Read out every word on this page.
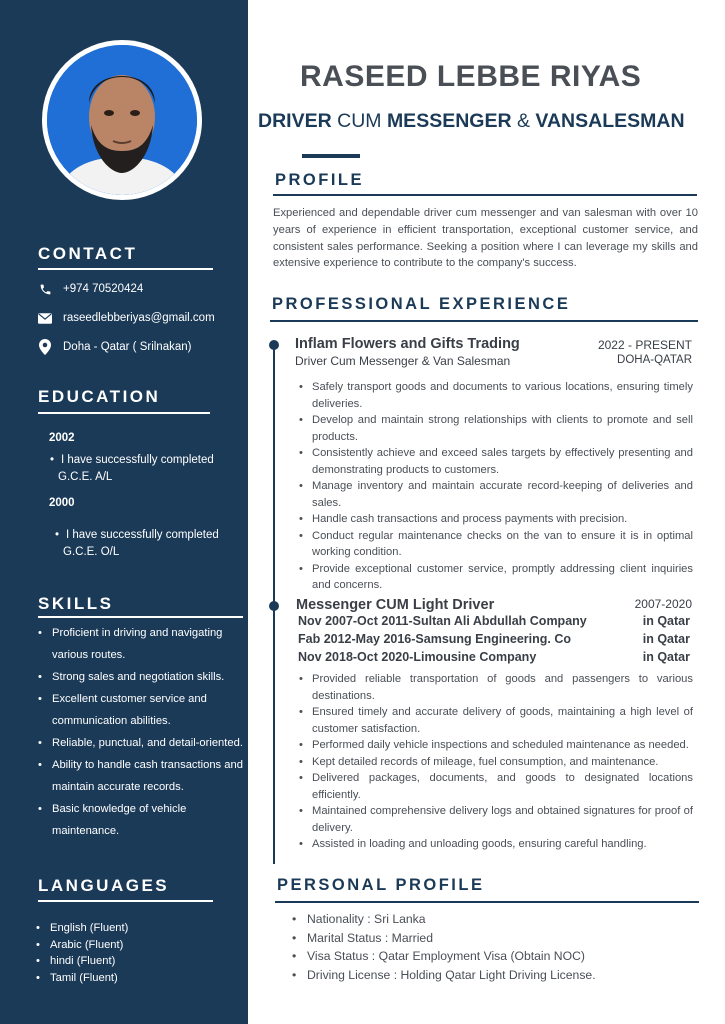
CONTACT
+974 70520424
raseedlebberiyas@gmail.com
Doha - Qatar ( Srilnakan)
EDUCATION
2002
• I have successfully completed
G.C.E. A/L
2000
• I have successfully completed
G.C.E. O/L
SKILLS
• Proficient in driving and navigating various routes.
• Strong sales and negotiation skills.
• Excellent customer service and communication abilities.
• Reliable, punctual, and detail-oriented.
• Ability to handle cash transactions and maintain accurate records.
• Basic knowledge of vehicle maintenance.
LANGUAGES
• English (Fluent)
• Arabic (Fluent)
• hindi (Fluent)
• Tamil (Fluent)
RASEED LEBBE RIYAS
DRIVER CUM MESSENGER & VANSALESMAN
PROFILE

Experienced and dependable driver cum messenger and van salesman with over 10 years of experience in efficient transportation, exceptional customer service, and consistent sales performance. Seeking a position where I can leverage my skills and extensive experience to contribute to the company's success.

PROFESSIONAL EXPERIENCE
Inflam Flowers and Gifts Trading	2022 - PRESENT
Driver Cum Messenger & Van Salesman	DOHA-QATAR
• Safely transport goods and documents to various locations, ensuring timely deliveries.
• Develop and maintain strong relationships with clients to promote and sell products.
• Consistently achieve and exceed sales targets by effectively presenting and demonstrating products to customers.
• Manage inventory and maintain accurate record-keeping of deliveries and sales.
• Handle cash transactions and process payments with precision.
• Conduct regular maintenance checks on the van to ensure it is in optimal working condition.
• Provide exceptional customer service, promptly addressing client inquiries and concerns.
Messenger CUM Light Driver	2007-2020
Nov 2007-Oct 2011-Sultan Ali Abdullah Company	in Qatar
Fab 2012-May 2016-Samsung Engineering. Co	in Qatar
Nov 2018-Oct 2020-Limousine Company	in Qatar
• Provided reliable transportation of goods and passengers to various destinations.
• Ensured timely and accurate delivery of goods, maintaining a high level of customer satisfaction.
• Performed daily vehicle inspections and scheduled maintenance as needed.
• Kept detailed records of mileage, fuel consumption, and maintenance.
• Delivered packages, documents, and goods to designated locations efficiently.
• Maintained comprehensive delivery logs and obtained signatures for proof of delivery.
• Assisted in loading and unloading goods, ensuring careful handling.
PERSONAL PROFILE
• Nationality : Sri Lanka
• Marital Status : Married
• Visa Status : Qatar Employment Visa (Obtain NOC)
• Driving License : Holding Qatar Light Driving License.
